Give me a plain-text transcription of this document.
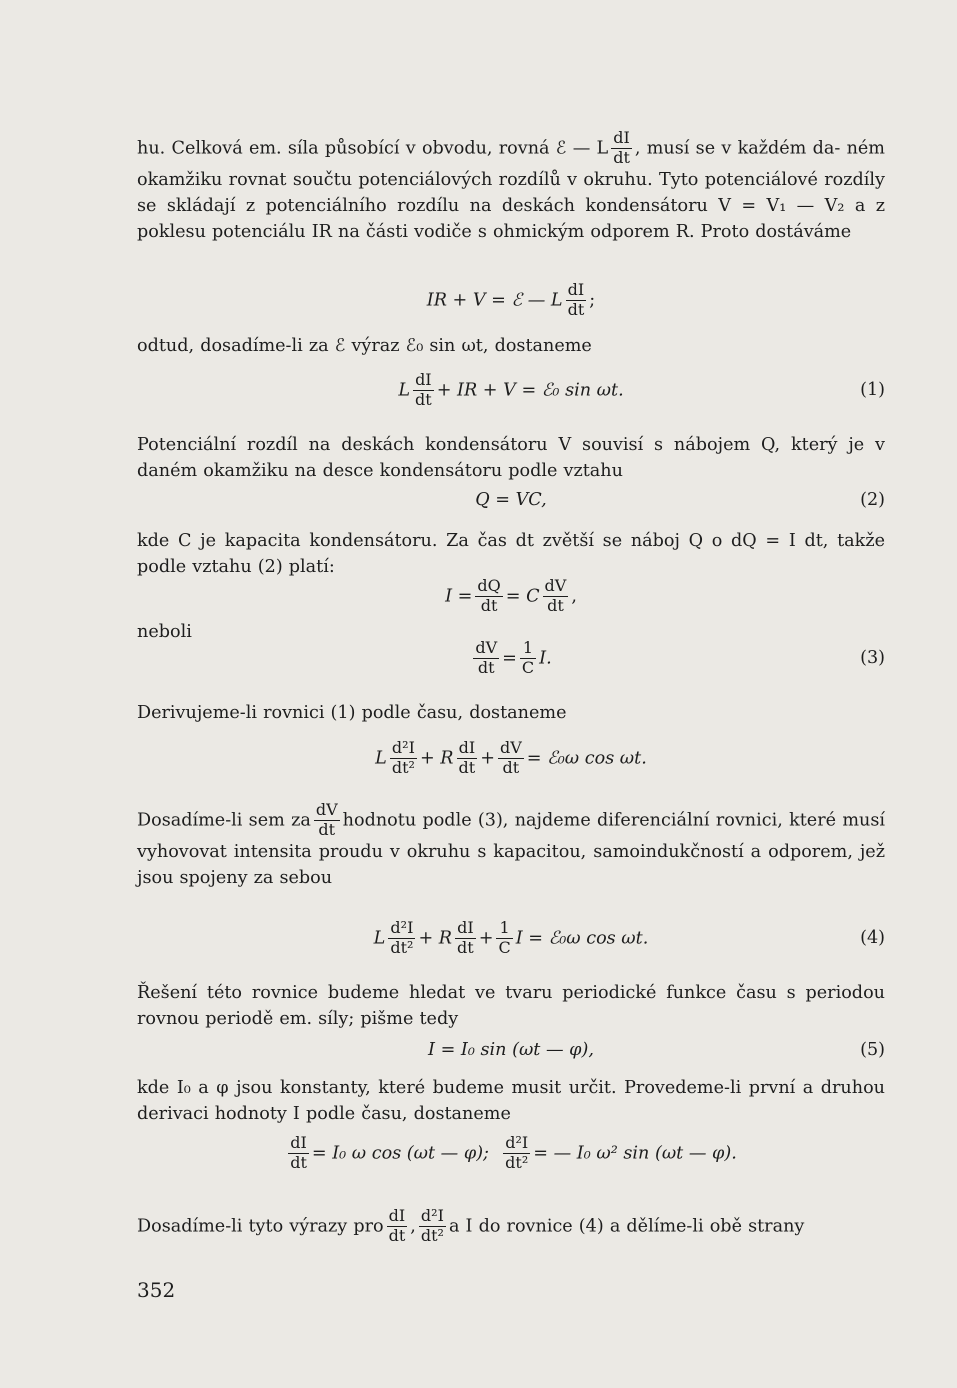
hu. Celková em. síla působící v obvodu, rovná ℰ — L $\frac{dI}{dt}$ , musí se v každém da- ném okamžiku rovnat součtu potenciálových rozdílů v okruhu. Tyto potenciálové rozdíly se skládají z potenciálního rozdílu na deskách kondensátoru V = V₁ — V₂ a z poklesu potenciálu IR na části vodiče s ohmickým odporem R. Proto dostáváme
IR + V = ℰ — L $\frac{dI}{dt}$ ;
odtud, dosadíme-li za ℰ výraz ℰ₀ sin ωt, dostaneme
L $\frac{dI}{dt}$ + IR + V = ℰ₀ sin ωt.	(1)
Potenciální rozdíl na deskách kondensátoru V souvisí s nábojem Q, který je v daném okamžiku na desce kondensátoru podle vztahu
Q = VC,	(2)
kde C je kapacita kondensátoru. Za čas dt zvětší se náboj Q o dQ = I dt, takže podle vztahu (2) platí:
$I = \frac{dQ}{dt} = C \frac{dV}{dt}$ ,
neboli
$\frac{dV}{dt} = \frac{1}{C} I$.	(3)
Derivujeme-li rovnici (1) podle času, dostaneme
L $\frac{\text{d²I}}{\text{dt²}} + R \frac{dI}{dt} + \frac{dV}{dt}$ = ℰ₀ω cos ωt.
Dosadíme-li sem za $\frac{dV}{dt}$ hodnotu podle (3), najdeme diferenciální rovnici, které musí vyhovovat intensita proudu v okruhu s kapacitou, samoindukčností a odporem, jež jsou spojeny za sebou
L $\frac{\text{d²I}}{\text{dt²}} + R \frac{dI}{dt} + \frac{1}{C}$ I = ℰ₀ω cos ωt.	(4)
Řešení této rovnice budeme hledat ve tvaru periodické funkce času s periodou rovnou periodě em. síly; pišme tedy
I = I₀ sin (ωt — φ),	(5)
kde I₀ a φ jsou konstanty, které budeme musit určit. Provedeme-li první a druhou derivaci hodnoty I podle času, dostaneme
$\frac{dI}{dt} = I_0$ ω cos (ωt — φ); $\frac{\text{d²I}}{\text{dt²}}$ = — I₀ ω² sin (ωt — φ).
Dosadíme-li tyto výrazy pro $\frac{dI}{dt}$ , $\frac{\text{d²I}}{\text{dt²}}$ a I do rovnice (4) a dělíme-li obě strany
352
